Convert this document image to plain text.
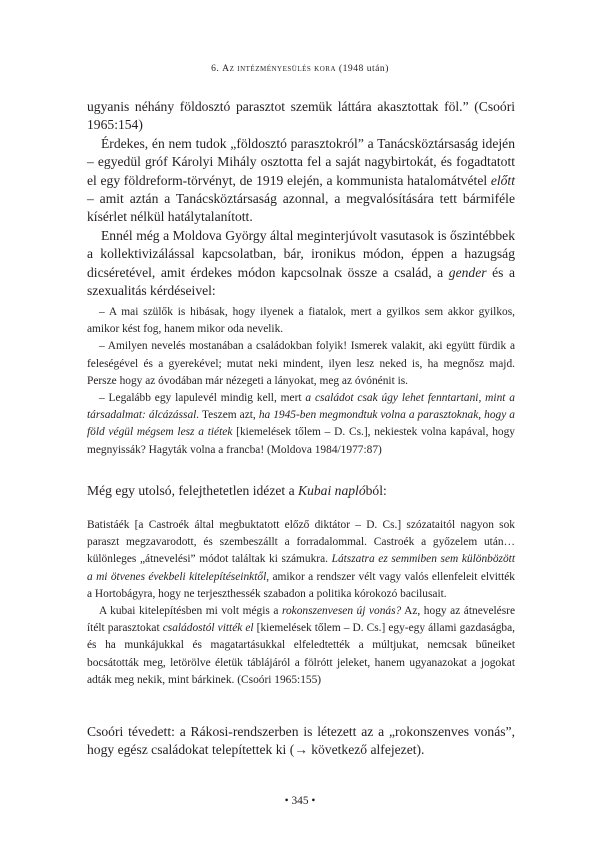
6. Az intézményesülés kora (1948 után)

ugyanis néhány földosztó parasztot szemük láttára akasztottak föl.” (Csoóri 1965:154)

Érdekes, én nem tudok „földosztó parasztokról” a Tanácsköztársaság idején – egyedül gróf Károlyi Mihály osztotta fel a saját nagybirtokát, és fogadtatott el egy földreform-törvényt, de 1919 elején, a kommunista hatalomátvétel előtt – amit aztán a Tanácsköztársaság azonnal, a megvalósítására tett bármiféle kísérlet nélkül hatálytalanított.

Ennél még a Moldova György által meginterjúvolt vasutasok is őszintébbek a kollektivizálással kapcsolatban, bár, ironikus módon, éppen a hazugság dicséretével, amit érdekes módon kapcsolnak össze a család, a gender és a szexualitás kérdéseivel:

– A mai szülők is hibásak, hogy ilyenek a fiatalok, mert a gyilkos sem akkor gyilkos, amikor kést fog, hanem mikor oda nevelik.

– Amilyen nevelés mostanában a családokban folyik! Ismerek valakit, aki együtt fürdik a feleségével és a gyerekével; mutat neki mindent, ilyen lesz neked is, ha megnősz majd. Persze hogy az óvodában már nézegeti a lányokat, meg az óvónénit is.

– Legalább egy lapulevél mindig kell, mert a családot csak úgy lehet fenntartani, mint a társadalmat: álcázással. Teszem azt, ha 1945-ben megmondtuk volna a parasztoknak, hogy a föld végül mégsem lesz a tiétek [kiemelések tőlem – D. Cs.], nekiestek volna kapával, hogy megnyissák? Hagyták volna a francba! (Moldova 1984/1977:87)

Még egy utolsó, felejthetetlen idézet a Kubai naplóból:

Batistáék [a Castroék által megbuktatott előző diktátor – D. Cs.] szózataitól nagyon sok paraszt megzavarodott, és szembeszállt a forradalommal. Castroék a győzelem után… különleges „átnevelési” módot találtak ki számukra. Látszatra ez semmiben sem különbözött a mi ötvenes évekbeli kitelepítéseinktől, amikor a rendszer vélt vagy valós ellenfeleit elvitték a Hortobágyra, hogy ne terjeszthessék szabadon a politika kórokozó bacilusait.

A kubai kitelepítésben mi volt mégis a rokonszenvesen új vonás? Az, hogy az átnevelésre ítélt parasztokat családostól vitték el [kiemelések tőlem – D. Cs.] egy-egy állami gazdaságba, és ha munkájukkal és magatartásukkal elfeledtették a múltjukat, nemcsak bűneiket bocsátották meg, letörölve életük táblájáról a fölrótt jeleket, hanem ugyanazokat a jogokat adták meg nekik, mint bárkinek. (Csoóri 1965:155)

Csoóri tévedett: a Rákosi-rendszerben is létezett az a „rokonszenves vonás”, hogy egész családokat telepítettek ki (→ következő alfejezet).

• 345 •
